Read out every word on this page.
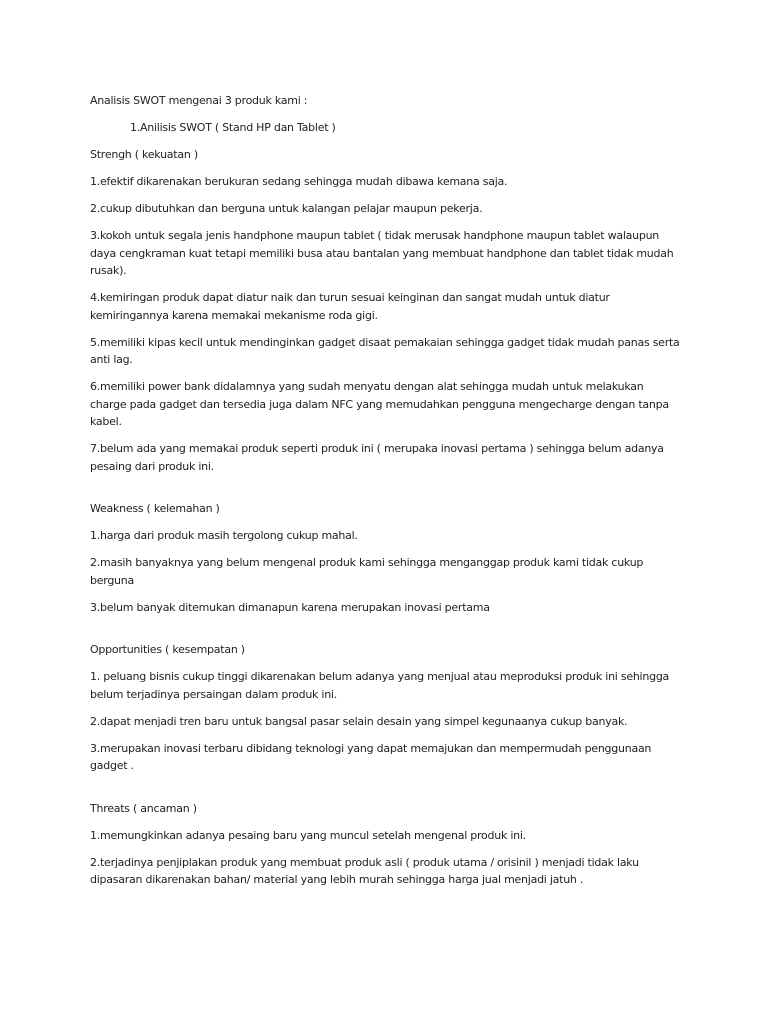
Analisis SWOT mengenai 3 produk kami :

1.Anilisis SWOT ( Stand HP dan Tablet )

Strengh ( kekuatan )

1.efektif dikarenakan berukuran sedang sehingga mudah dibawa kemana saja.

2.cukup dibutuhkan dan berguna untuk kalangan pelajar maupun pekerja.

3.kokoh untuk segala jenis handphone maupun tablet ( tidak merusak handphone maupun tablet walaupun daya cengkraman kuat tetapi memiliki busa atau bantalan yang membuat handphone dan tablet tidak mudah rusak).

4.kemiringan produk dapat diatur naik dan turun sesuai keinginan dan sangat mudah untuk diatur kemiringannya karena memakai mekanisme roda gigi.

5.memiliki kipas kecil untuk mendinginkan gadget disaat pemakaian sehingga gadget tidak mudah panas serta anti lag.

6.memiliki power bank didalamnya yang sudah menyatu dengan alat sehingga mudah untuk melakukan charge pada gadget dan tersedia juga dalam NFC yang memudahkan pengguna mengecharge dengan tanpa kabel.

7.belum ada yang memakai produk seperti produk ini ( merupaka inovasi pertama ) sehingga belum adanya pesaing dari produk ini.

Weakness ( kelemahan )

1.harga dari produk masih tergolong cukup mahal.

2.masih banyaknya yang belum mengenal produk kami sehingga menganggap produk kami tidak cukup berguna

3.belum banyak ditemukan dimanapun karena merupakan inovasi pertama

Opportunities ( kesempatan )

1. peluang bisnis cukup tinggi dikarenakan belum adanya yang menjual atau meproduksi produk ini sehingga belum terjadinya persaingan dalam produk ini.

2.dapat menjadi tren baru untuk bangsal pasar selain desain yang simpel kegunaanya cukup banyak.

3.merupakan inovasi terbaru dibidang teknologi yang dapat memajukan dan mempermudah penggunaan gadget .

Threats ( ancaman )

1.memungkinkan adanya pesaing baru yang muncul setelah mengenal produk ini.

2.terjadinya penjiplakan produk yang membuat produk asli ( produk utama / orisinil ) menjadi tidak laku dipasaran dikarenakan bahan/ material yang lebih murah sehingga harga jual menjadi jatuh .
